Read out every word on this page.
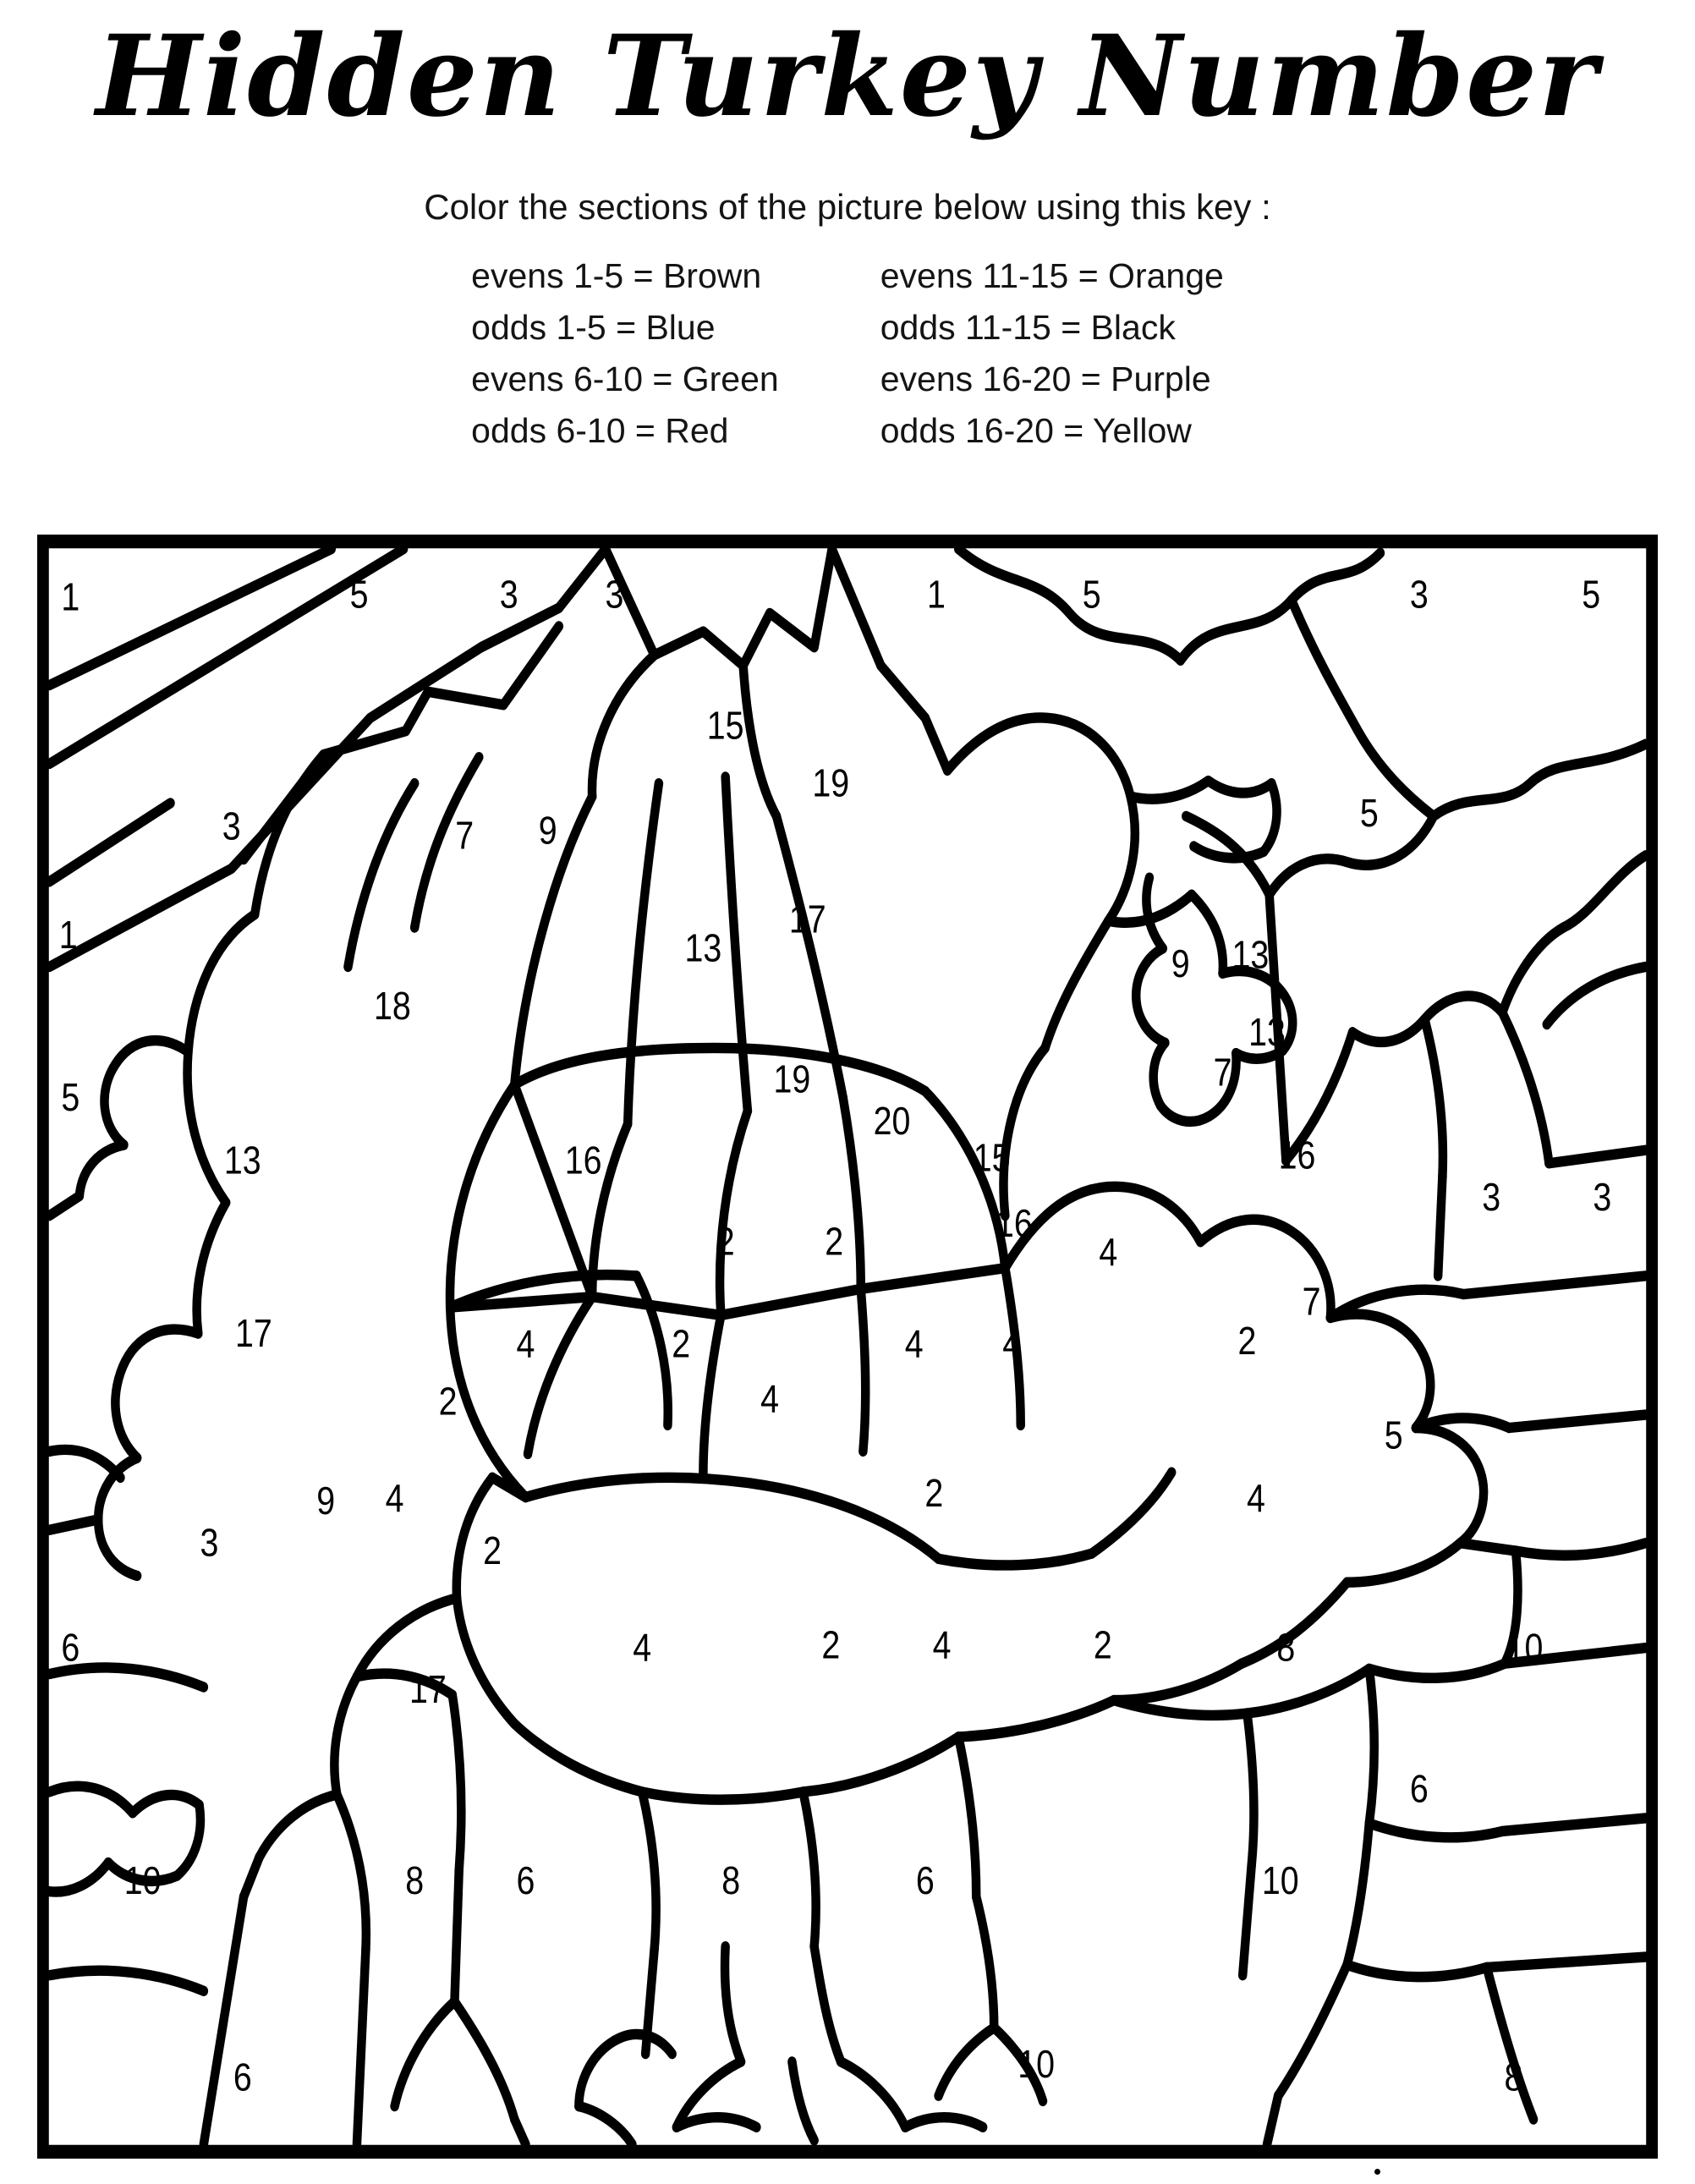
Hidden Turkey Number
Color the sections of the picture below using this key :
evens 1-5 = Brown
odds 1-5 = Blue
evens 6-10 = Green
odds 6-10 = Red
evens 11-15 = Orange
odds 11-15 = Black
evens 16-20 = Purple
odds 16-20 = Yellow
1	5	3	3	1	5	3	5
15
19
3	7	9	5
1	17
13	9 13
18
13
7
19
5
20
16
13	15	16
3	3
2	2	16
4
17
7
4	2	4	4	2
2	4
5
9 4	2	4
3	2
6	4	2	4	2	8	10
17
6
10	8	6	8	6	10
6	10	8
